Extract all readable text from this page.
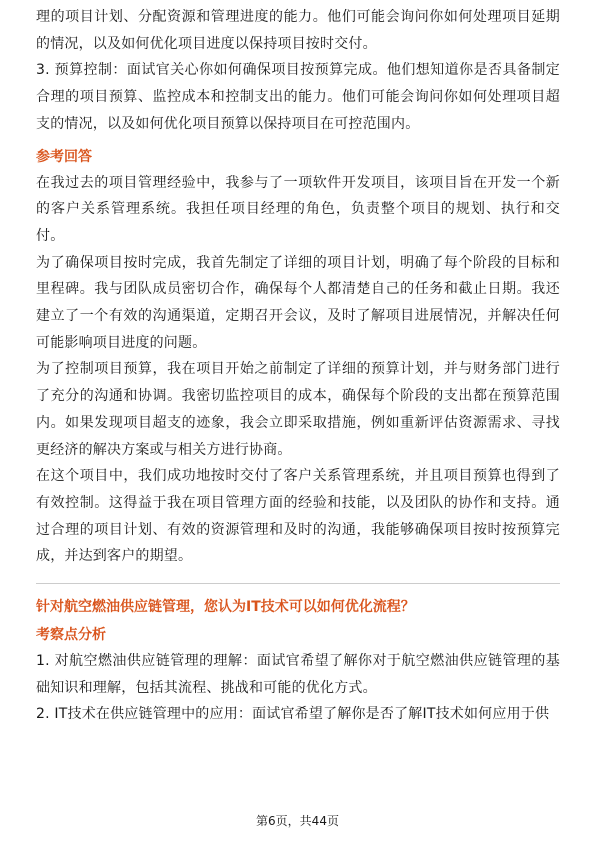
理的项目计划、分配资源和管理进度的能力。他们可能会询问你如何处理项目延期的情况，以及如何优化项目进度以保持项目按时交付。

3. 预算控制：面试官关心你如何确保项目按预算完成。他们想知道你是否具备制定合理的项目预算、监控成本和控制支出的能力。他们可能会询问你如何处理项目超支的情况，以及如何优化项目预算以保持项目在可控范围内。

参考回答

在我过去的项目管理经验中，我参与了一项软件开发项目，该项目旨在开发一个新的客户关系管理系统。我担任项目经理的角色，负责整个项目的规划、执行和交付。

为了确保项目按时完成，我首先制定了详细的项目计划，明确了每个阶段的目标和里程碑。我与团队成员密切合作，确保每个人都清楚自己的任务和截止日期。我还建立了一个有效的沟通渠道，定期召开会议，及时了解项目进展情况，并解决任何可能影响项目进度的问题。

为了控制项目预算，我在项目开始之前制定了详细的预算计划，并与财务部门进行了充分的沟通和协调。我密切监控项目的成本，确保每个阶段的支出都在预算范围内。如果发现项目超支的迹象，我会立即采取措施，例如重新评估资源需求、寻找更经济的解决方案或与相关方进行协商。

在这个项目中，我们成功地按时交付了客户关系管理系统，并且项目预算也得到了有效控制。这得益于我在项目管理方面的经验和技能，以及团队的协作和支持。通过合理的项目计划、有效的资源管理和及时的沟通，我能够确保项目按时按预算完成，并达到客户的期望。

针对航空燃油供应链管理，您认为IT技术可以如何优化流程？
考察点分析

1. 对航空燃油供应链管理的理解：面试官希望了解你对于航空燃油供应链管理的基础知识和理解，包括其流程、挑战和可能的优化方式。

2. IT技术在供应链管理中的应用：面试官希望了解你是否了解IT技术如何应用于供

第6页，共44页
